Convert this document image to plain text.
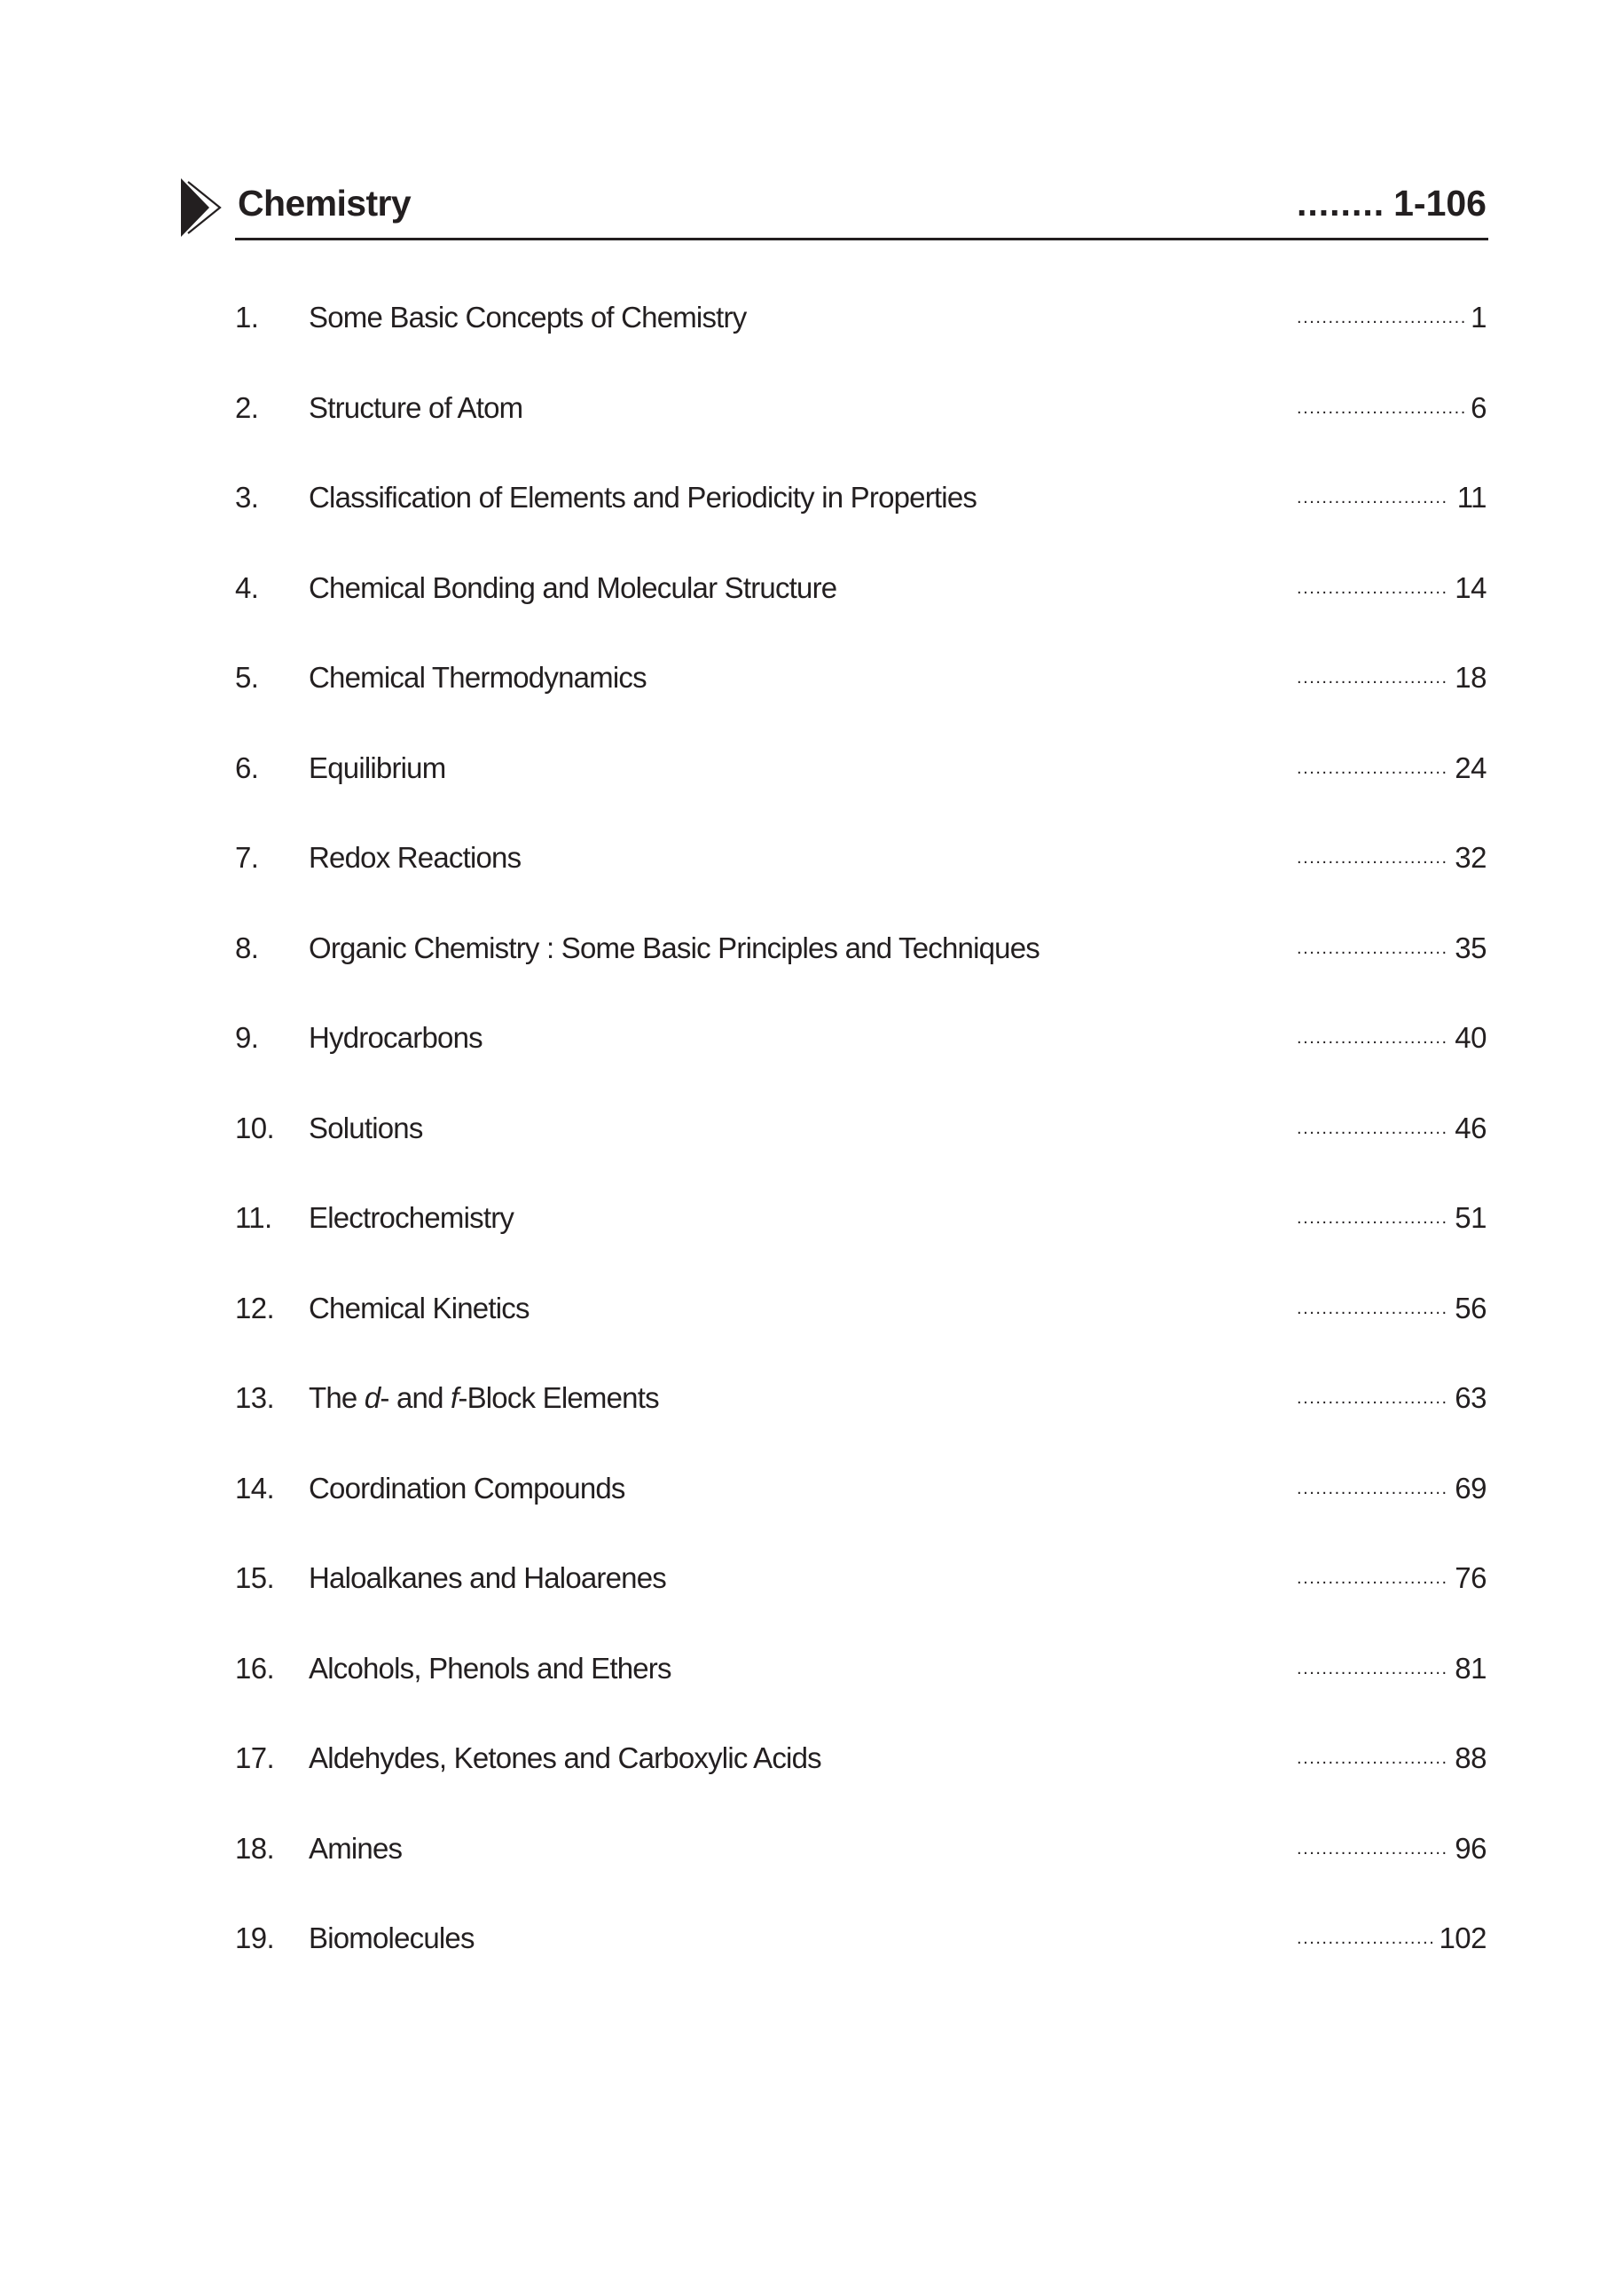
Chemistry	........ 1-106
1. Some Basic Concepts of Chemistry	........................... 1
2. Structure of Atom	........................... 6
3. Classification of Elements and Periodicity in Properties	........................ 11
4. Chemical Bonding and Molecular Structure	........................ 14
5. Chemical Thermodynamics	........................ 18
6. Equilibrium	........................ 24
7. Redox Reactions	........................ 32
8. Organic Chemistry : Some Basic Principles and Techniques	........................ 35
9. Hydrocarbons	........................ 40
10. Solutions	........................ 46
11. Electrochemistry	........................ 51
12. Chemical Kinetics	........................ 56
13. The d- and f-Block Elements	........................ 63
14. Coordination Compounds	........................ 69
15. Haloalkanes and Haloarenes	........................ 76
16. Alcohols, Phenols and Ethers	........................ 81
17. Aldehydes, Ketones and Carboxylic Acids	........................ 88
18. Amines	........................ 96
19. Biomolecules	...................... 102
